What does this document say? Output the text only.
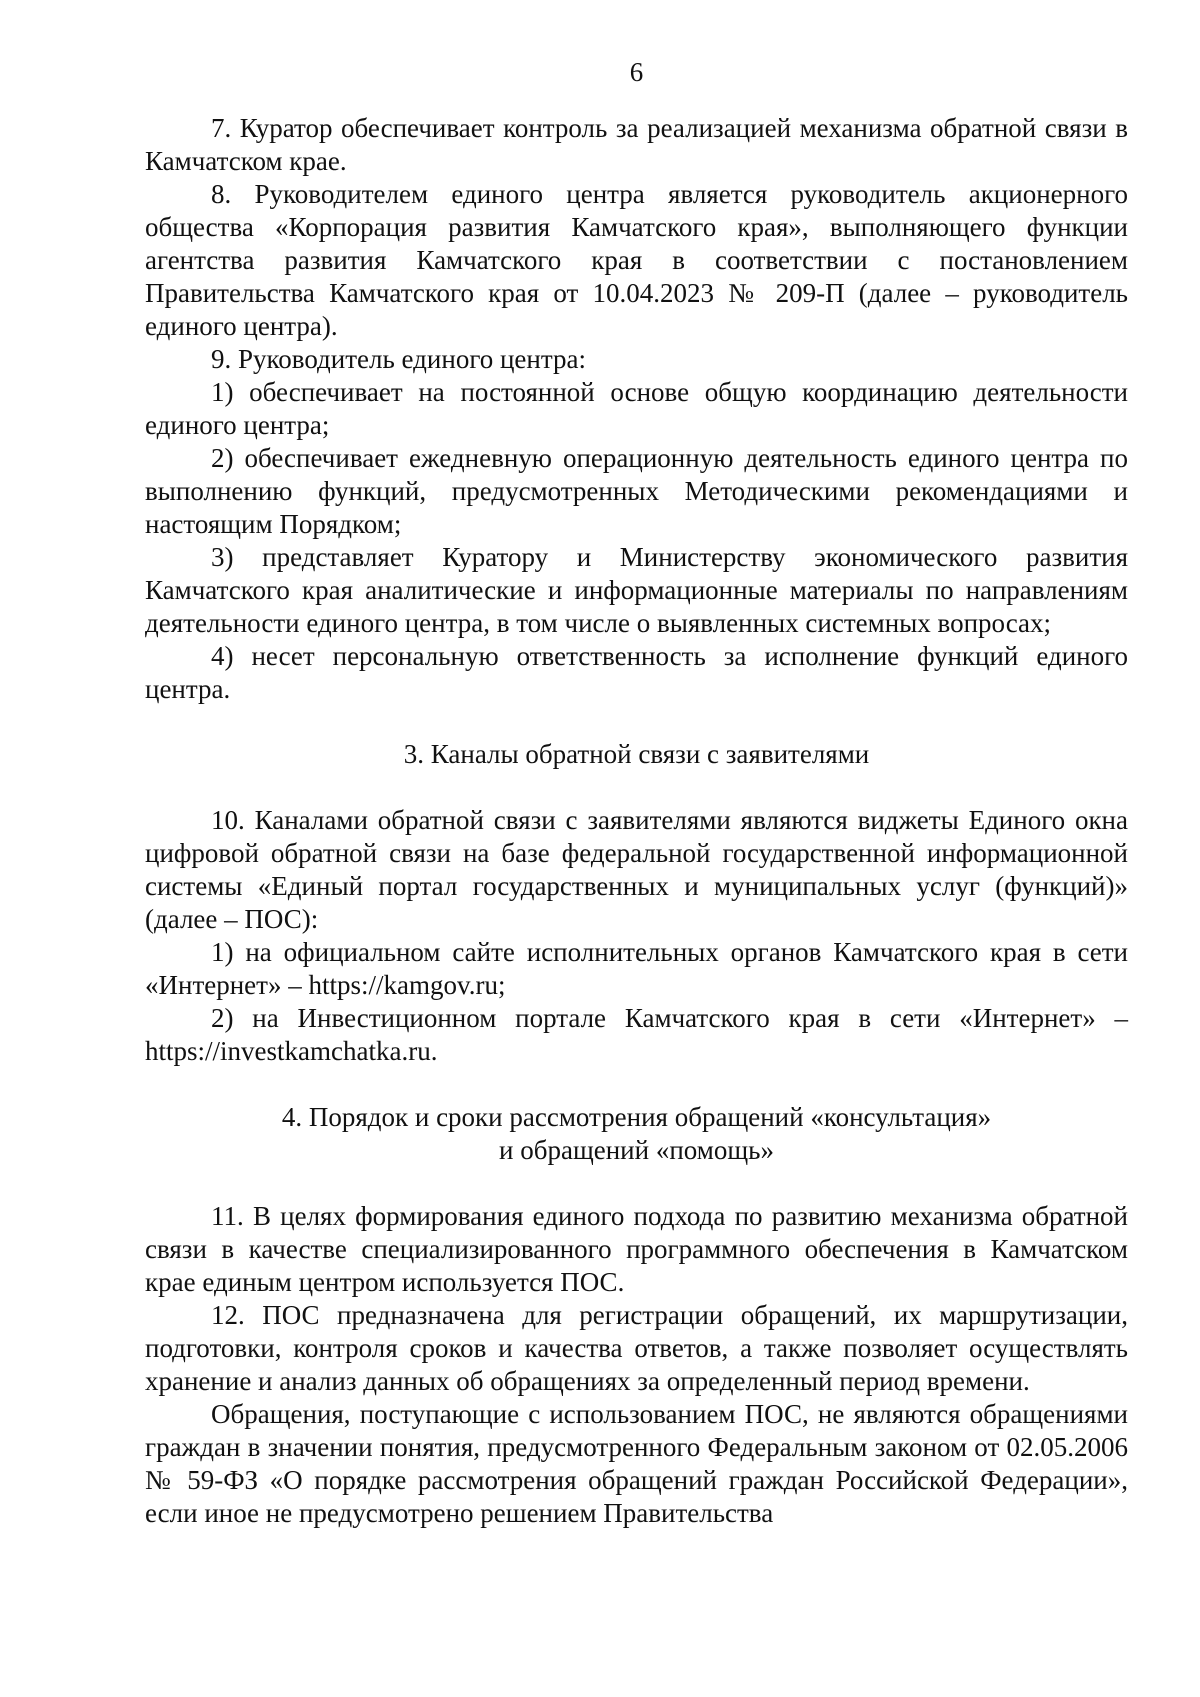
6

7. Куратор обеспечивает контроль за реализацией механизма обратной связи в Камчатском крае.

8. Руководителем единого центра является руководитель акционерного общества «Корпорация развития Камчатского края», выполняющего функции агентства развития Камчатского края в соответствии с постановлением Правительства Камчатского края от 10.04.2023 № 209-П (далее – руководитель единого центра).

9. Руководитель единого центра:

1) обеспечивает на постоянной основе общую координацию деятельности единого центра;

2) обеспечивает ежедневную операционную деятельность единого центра по выполнению функций, предусмотренных Методическими рекомендациями и настоящим Порядком;

3) представляет Куратору и Министерству экономического развития Камчатского края аналитические и информационные материалы по направлениям деятельности единого центра, в том числе о выявленных системных вопросах;

4) несет персональную ответственность за исполнение функций единого центра.

3. Каналы обратной связи с заявителями

10. Каналами обратной связи с заявителями являются виджеты Единого окна цифровой обратной связи на базе федеральной государственной информационной системы «Единый портал государственных и муниципальных услуг (функций)» (далее – ПОС):

1) на официальном сайте исполнительных органов Камчатского края в сети «Интернет» – https://kamgov.ru;

2) на Инвестиционном портале Камчатского края в сети «Интернет» – https://investkamchatka.ru.

4. Порядок и сроки рассмотрения обращений «консультация»
и обращений «помощь»

11. В целях формирования единого подхода по развитию механизма обратной связи в качестве специализированного программного обеспечения в Камчатском крае единым центром используется ПОС.

12. ПОС предназначена для регистрации обращений, их маршрутизации, подготовки, контроля сроков и качества ответов, а также позволяет осуществлять хранение и анализ данных об обращениях за определенный период времени.

Обращения, поступающие с использованием ПОС, не являются обращениями граждан в значении понятия, предусмотренного Федеральным законом от 02.05.2006 № 59-ФЗ «О порядке рассмотрения обращений граждан Российской Федерации», если иное не предусмотрено решением Правительства
